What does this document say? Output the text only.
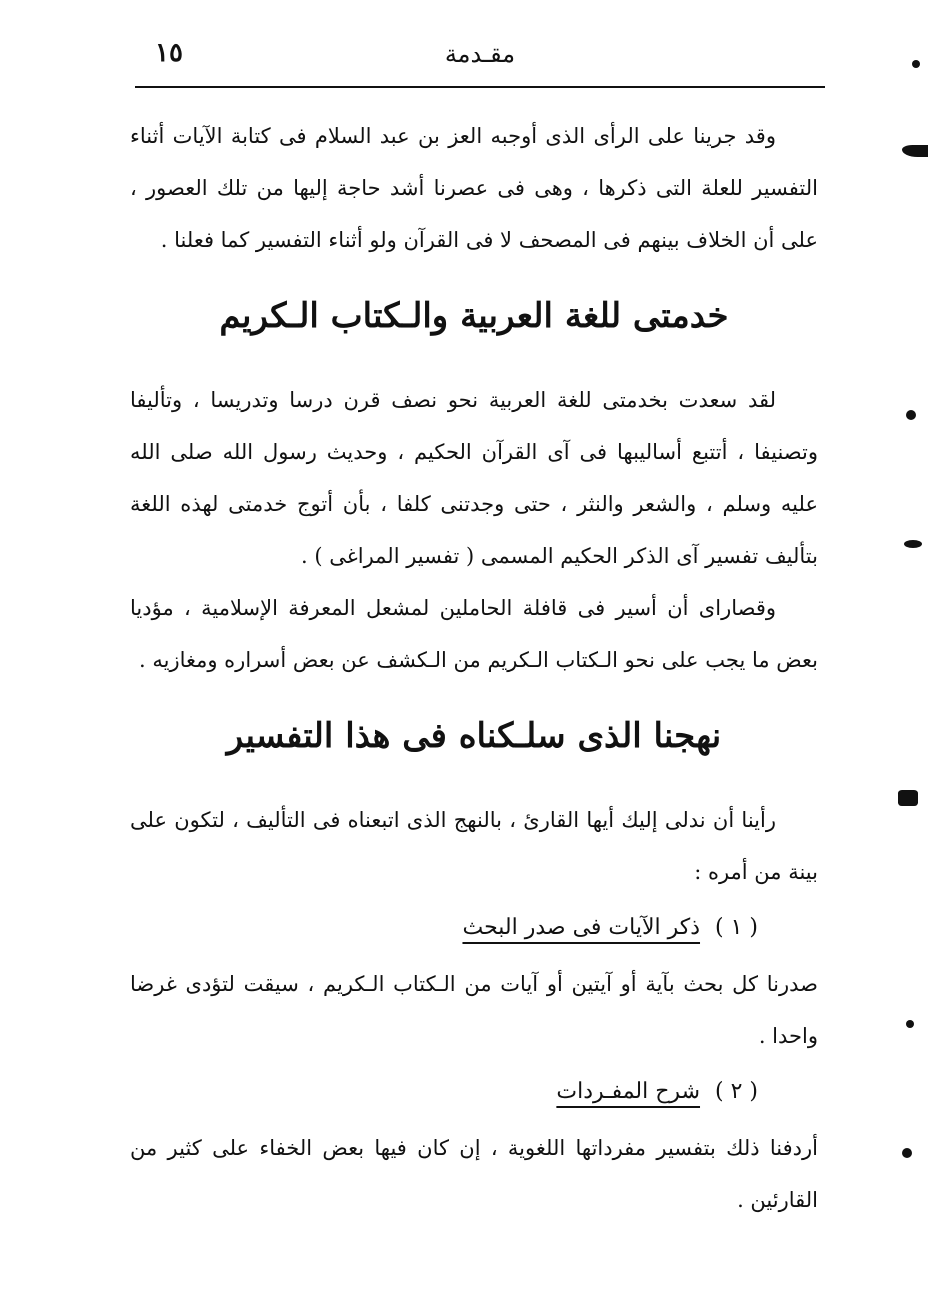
١٥	مقـدمة

وقد جرينا على الرأى الذى أوجبه العز بن عبد السلام فى كتابة الآيات أثناء التفسير للعلة التى ذكرها ، وهى فى عصرنا أشد حاجة إليها من تلك العصور ، على أن الخلاف بينهم فى المصحف لا فى القرآن ولو أثناء التفسير كما فعلنا .

خدمتى للغة العربية والـكتاب الـكريم

لقد سعدت بخدمتى للغة العربية نحو نصف قرن درسا وتدريسا ، وتأليفا وتصنيفا ، أتتبع أساليبها فى آى القرآن الحكيم ، وحديث رسول الله صلى الله عليه وسلم ، والشعر والنثر ، حتى وجدتنى كلفا ، بأن أتوج خدمتى لهذه اللغة بتأليف تفسير آى الذكر الحكيم المسمى ( تفسير المراغى ) .

وقصاراى أن أسير فى قافلة الحاملين لمشعل المعرفة الإسلامية ، مؤديا بعض ما يجب على نحو الـكتاب الـكريم من الـكشف عن بعض أسراره ومغازيه .

نهجنا الذى سلـكناه فى هذا التفسير

رأينا أن ندلى إليك أيها القارئ ، بالنهج الذى اتبعناه فى التأليف ، لتكون على بينة من أمره :

( ١ ) ذكر الآيات فى صدر البحث

صدرنا كل بحث بآية أو آيتين أو آيات من الـكتاب الـكريم ، سيقت لتؤدى غرضا واحدا .

( ٢ ) شرح المفـردات

أردفنا ذلك بتفسير مفرداتها اللغوية ، إن كان فيها بعض الخفاء على كثير من القارئين .
